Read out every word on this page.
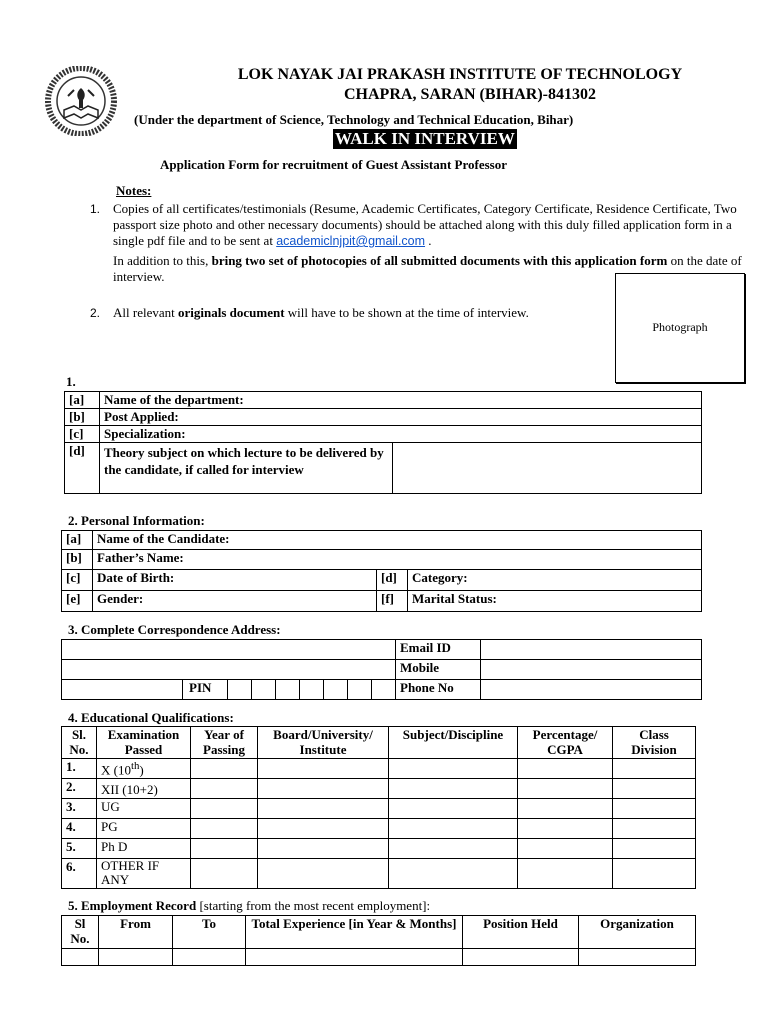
LOK NAYAK JAI PRAKASH INSTITUTE OF TECHNOLOGY
CHAPRA, SARAN (BIHAR)-841302
(Under the department of Science, Technology and Technical Education, Bihar)
WALK IN INTERVIEW
Application Form for recruitment of Guest Assistant Professor
Notes:
1. Copies of all certificates/testimonials (Resume, Academic Certificates, Category Certificate, Residence Certificate, Two passport size photo and other necessary documents) should be attached along with this duly filled application form in a single pdf file and to be sent at academiclnjpit@gmail.com .
In addition to this, bring two set of photocopies of all submitted documents with this application form on the date of interview.
2. All relevant originals document will have to be shown at the time of interview.
Photograph
1.
[a]	Name of the department:	
[b]	Post Applied:	
[c]	Specialization:	
[d]	Theory subject on which lecture to be delivered by the candidate, if called for interview	
2. Personal Information:
[a]	Name of the Candidate:		
[b]	Father’s Name:		
[c]	Date of Birth:	[d]	Category:
[e]	Gender:	[f]	Marital Status:
3. Complete Correspondence Address:
									Email ID	
									Mobile	
	PIN								Phone No	
4. Educational Qualifications:
Sl. No.	Examination Passed	Year of Passing	Board/University/ Institute	Subject/Discipline	Percentage/ CGPA	Class Division
1.	X (10th)					
2.	XII (10+2)					
3.	UG					
4.	PG					
5.	Ph D					
6.	OTHER IF ANY					
5. Employment Record [starting from the most recent employment]:
Sl No.	From	To	Total Experience [in Year & Months]	Position Held	Organization
